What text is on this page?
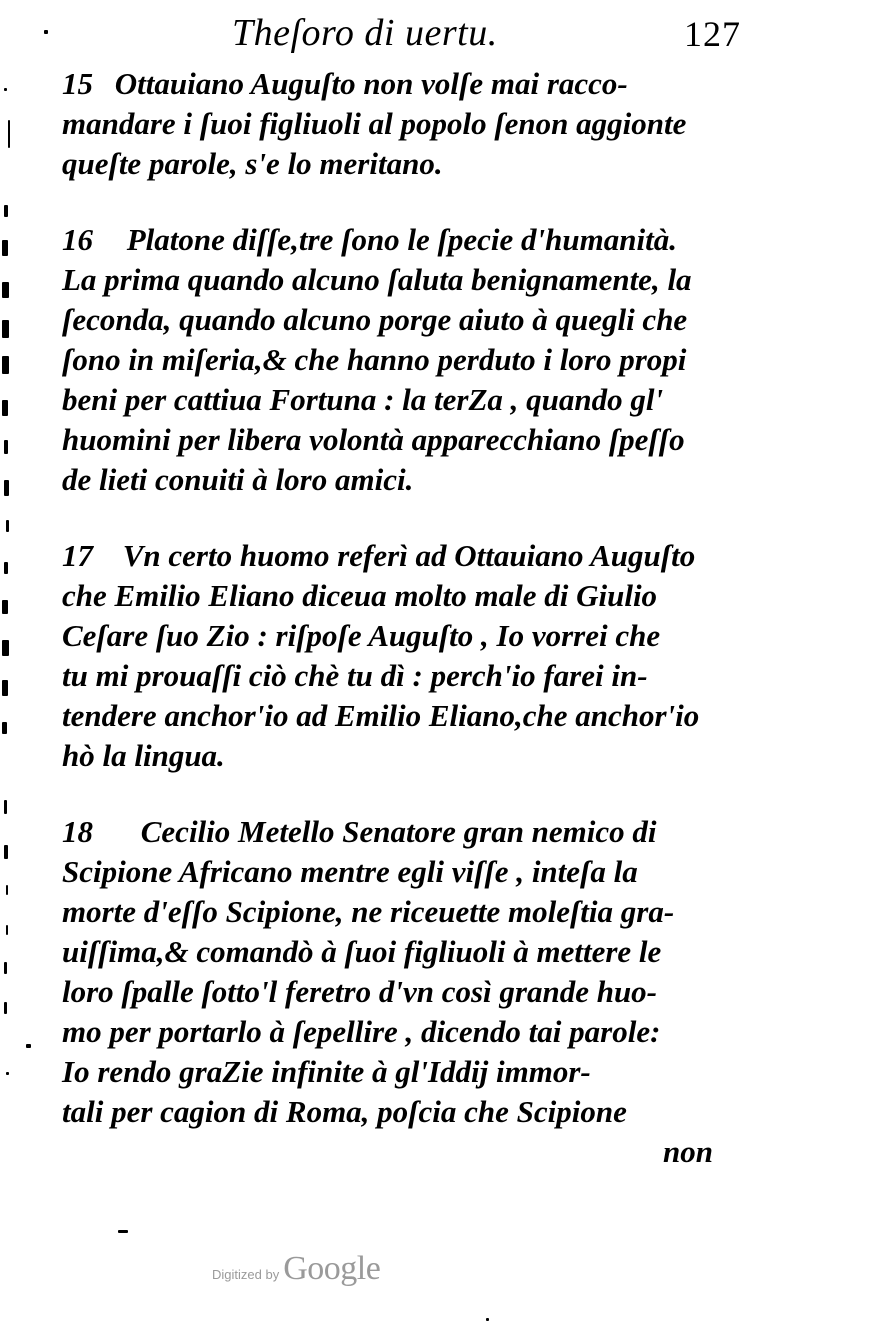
Theſoro di uertu.	127
15 Ottauiano Auguſto non volſe mai racco-
mandare i ſuoi figliuoli al popolo ſenon aggionte
queſte parole, s'e lo meritano.
16 Platone diſſe,tre ſono le ſpecie d'humanità.
La prima quando alcuno ſaluta benignamente, la
ſeconda, quando alcuno porge aiuto à quegli che
ſono in miſeria,& che hanno perduto i loro propi
beni per cattiua Fortuna : la terZa , quando gl'
huomini per libera volontà apparecchiano ſpeſſo
de lieti conuiti à loro amici.
17 Vn certo huomo referì ad Ottauiano Auguſto
che Emilio Eliano diceua molto male di Giulio
Ceſare ſuo Zio : riſpoſe Auguſto , Io vorrei che
tu mi prouaſſi ciò chè tu dì : perch'io farei in-
tendere anchor'io ad Emilio Eliano,che anchor'io
hò la lingua.
18 Cecilio Metello Senatore gran nemico di
Scipione Africano mentre egli viſſe , inteſa la
morte d'eſſo Scipione, ne riceuette moleſtia gra-
uiſſima,& comandò à ſuoi figliuoli à mettere le
loro ſpalle ſotto'l feretro d'vn così grande huo-
mo per portarlo à ſepellire , dicendo tai parole:
Io rendo graZie infinite à gl'Iddij immor-
tali per cagion di Roma, poſcia che Scipione
non
Digitized by Google
